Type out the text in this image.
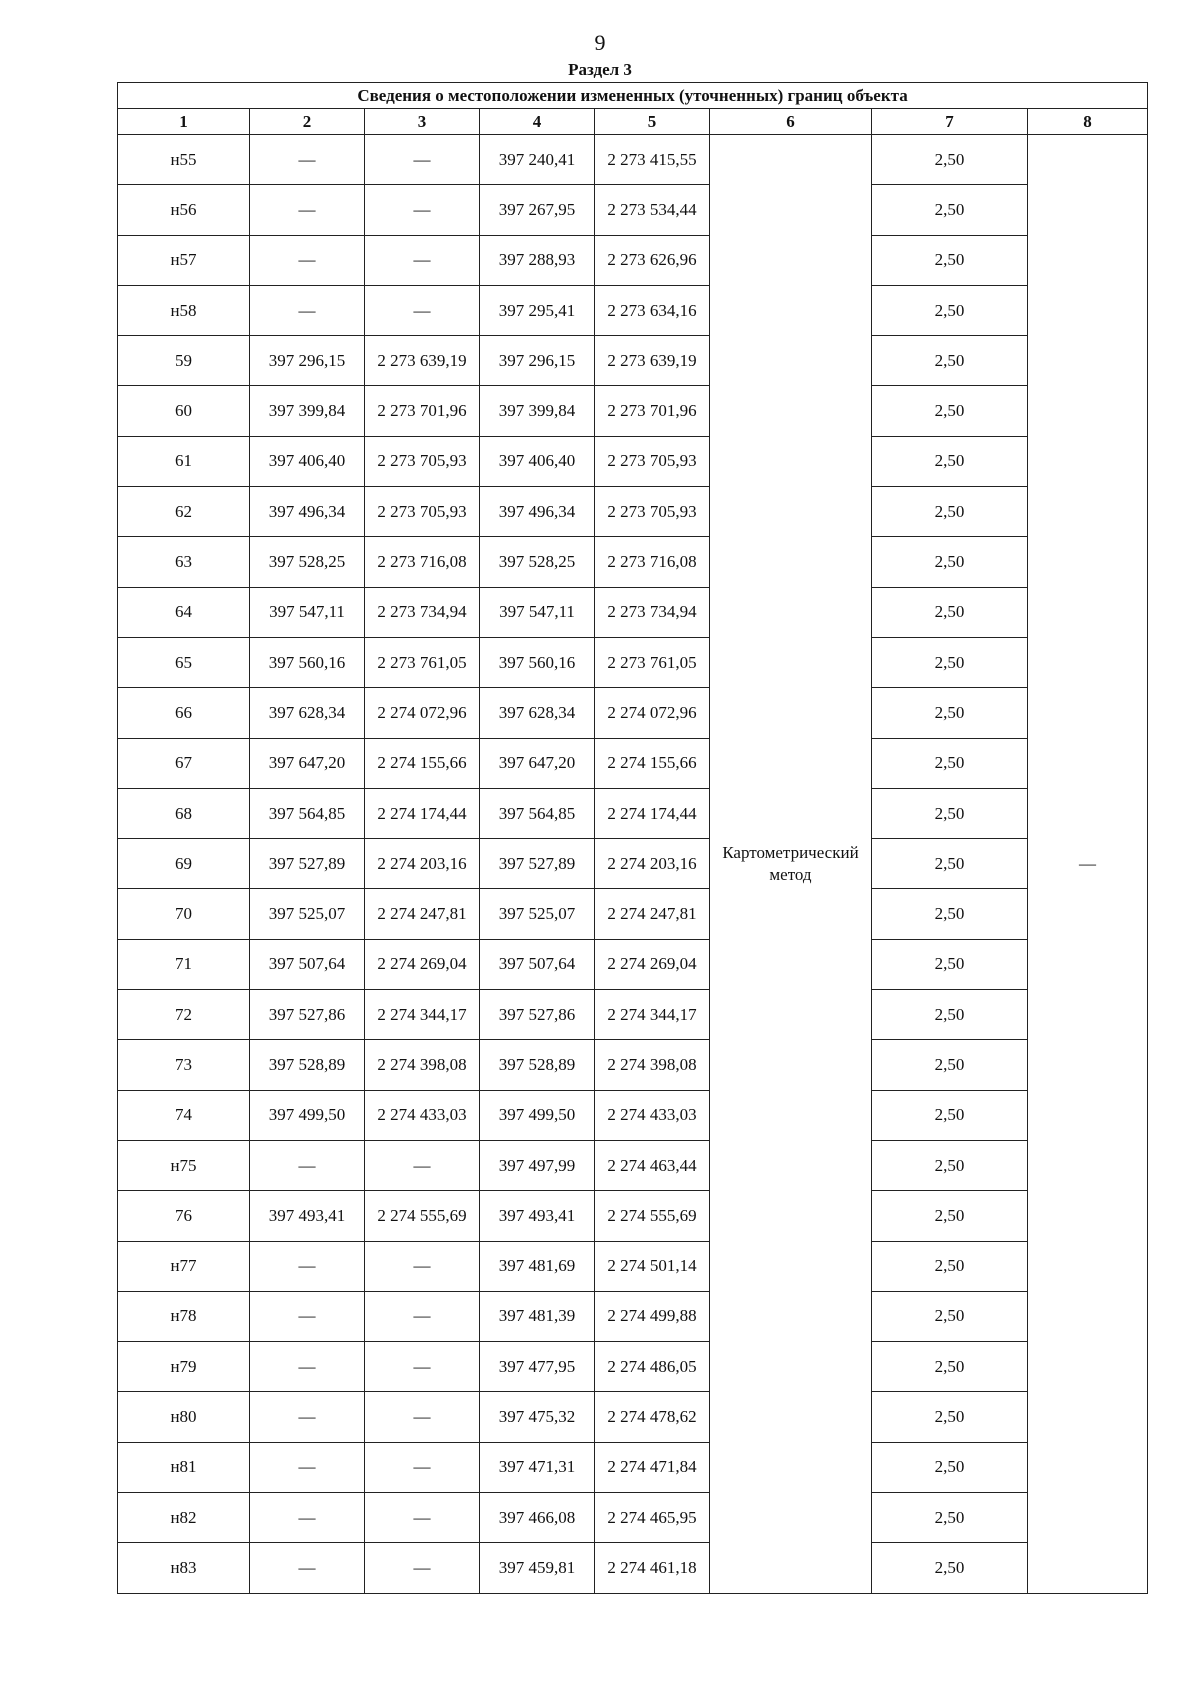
9
Раздел 3
Сведения о местоположении измененных (уточненных) границ объекта							
1	2	3	4	5	6	7	8
н55	—	—	397 240,41	2 273 415,55	Картометрический метод	2,50	—
н56	—	—	397 267,95	2 273 534,44		2,50	
н57	—	—	397 288,93	2 273 626,96		2,50	
н58	—	—	397 295,41	2 273 634,16		2,50	
59	397 296,15	2 273 639,19	397 296,15	2 273 639,19		2,50	
60	397 399,84	2 273 701,96	397 399,84	2 273 701,96		2,50	
61	397 406,40	2 273 705,93	397 406,40	2 273 705,93		2,50	
62	397 496,34	2 273 705,93	397 496,34	2 273 705,93		2,50	
63	397 528,25	2 273 716,08	397 528,25	2 273 716,08		2,50	
64	397 547,11	2 273 734,94	397 547,11	2 273 734,94		2,50	
65	397 560,16	2 273 761,05	397 560,16	2 273 761,05		2,50	
66	397 628,34	2 274 072,96	397 628,34	2 274 072,96		2,50	
67	397 647,20	2 274 155,66	397 647,20	2 274 155,66		2,50	
68	397 564,85	2 274 174,44	397 564,85	2 274 174,44		2,50	
69	397 527,89	2 274 203,16	397 527,89	2 274 203,16		2,50	
70	397 525,07	2 274 247,81	397 525,07	2 274 247,81		2,50	
71	397 507,64	2 274 269,04	397 507,64	2 274 269,04		2,50	
72	397 527,86	2 274 344,17	397 527,86	2 274 344,17		2,50	
73	397 528,89	2 274 398,08	397 528,89	2 274 398,08		2,50	
74	397 499,50	2 274 433,03	397 499,50	2 274 433,03		2,50	
н75	—	—	397 497,99	2 274 463,44		2,50	
76	397 493,41	2 274 555,69	397 493,41	2 274 555,69		2,50	
н77	—	—	397 481,69	2 274 501,14		2,50	
н78	—	—	397 481,39	2 274 499,88		2,50	
н79	—	—	397 477,95	2 274 486,05		2,50	
н80	—	—	397 475,32	2 274 478,62		2,50	
н81	—	—	397 471,31	2 274 471,84		2,50	
н82	—	—	397 466,08	2 274 465,95		2,50	
н83	—	—	397 459,81	2 274 461,18		2,50	
